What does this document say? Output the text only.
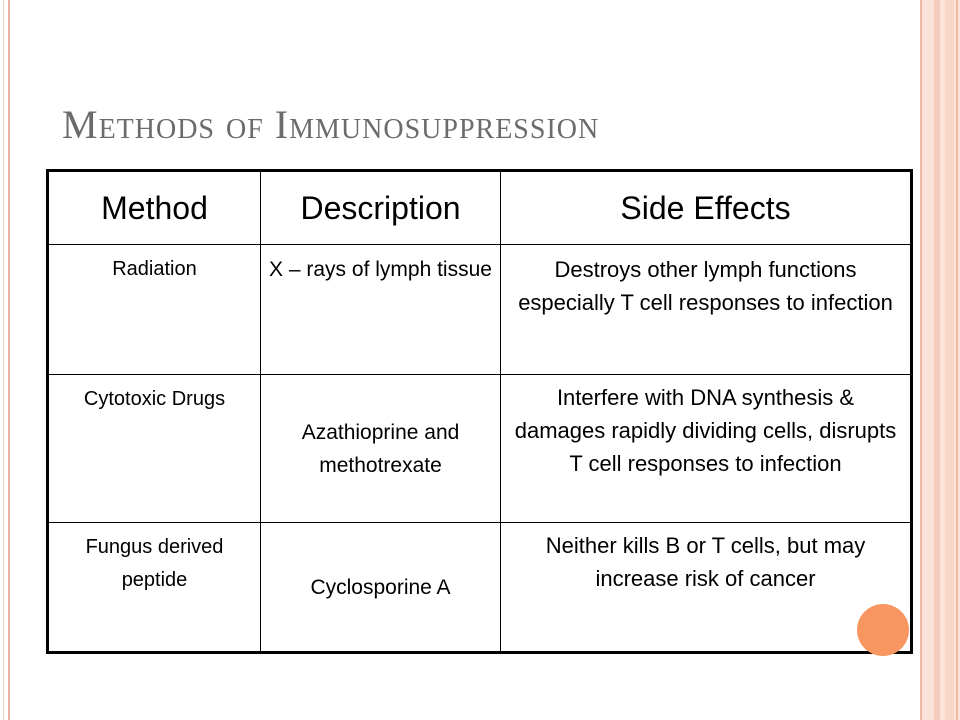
Methods of Immunosuppression
Method	Description	Side Effects
Radiation	X – rays of lymph tissue	Destroys other lymph functions especially T cell responses to infection
Cytotoxic Drugs	Azathioprine and methotrexate	Interfere with DNA synthesis & damages rapidly dividing cells, disrupts T cell responses to infection
Fungus derived peptide	Cyclosporine A	Neither kills B or T cells, but may increase risk of cancer
